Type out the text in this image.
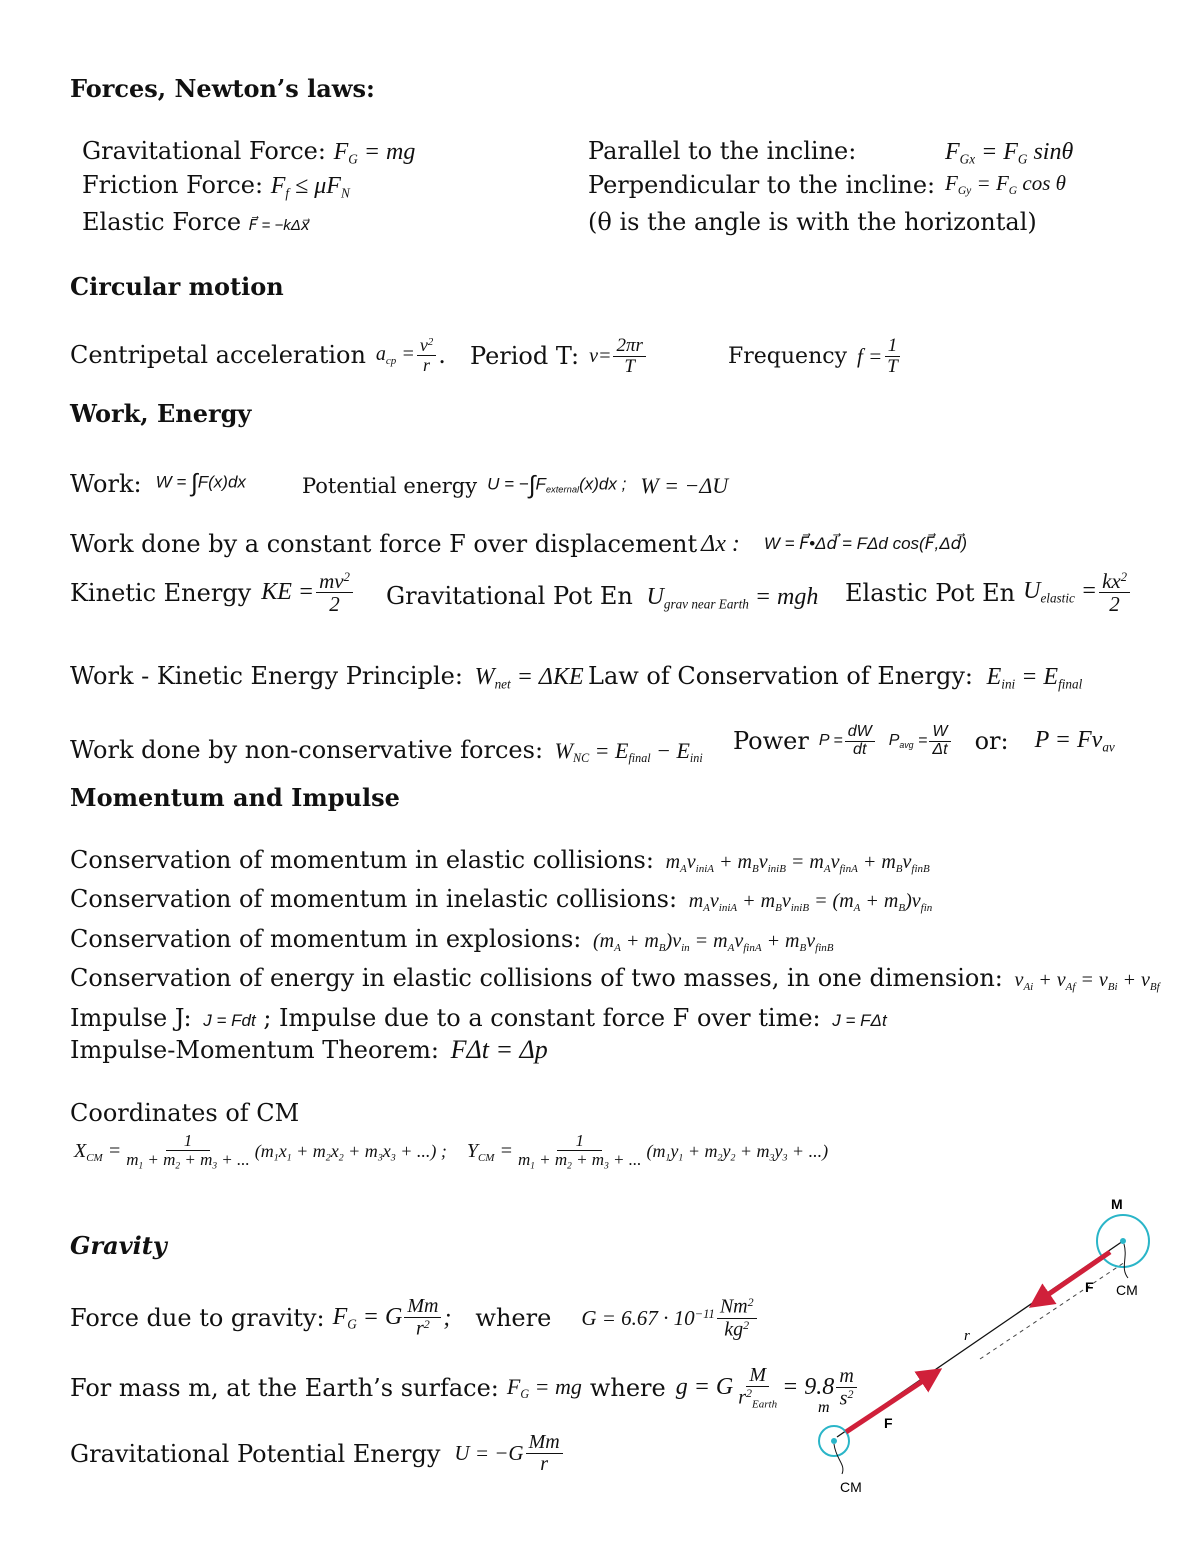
Forces, Newton’s laws:
Gravitational Force: $F_G$ = mg
Friction Force: $F_f \le \mu F_N$
Elastic Force F⃗ = −kΔx⃗
Parallel to the incline:	$F_{Gx} = F_G$ sinθ
Perpendicular to the incline: $F_{Gy} = F_G$ cos θ
(θ is the angle is with the horizontal)
Circular motion
Centripetal acceleration $a_{cp} = \frac{v^2}{r}$ . Period T: $v= \frac{2\pi r}{T}$	Frequency $f = \frac{1}{T}$
Work, Energy
Work: W = ∫F(x)dx	Potential energy $U = -\int F_{external}(x)dx$ ; W = −ΔU
Work done by a constant force F over displacement Δx : W = F⃗•Δd⃗ = FΔd cos(F⃗,Δd⃗)
Kinetic Energy KE = $\frac{mv^2}{2}$ Gravitational Pot En $U_{grav near Earth}$ = mgh Elastic Pot En $U_{elastic} = \frac{kx^2}{2}$
Work - Kinetic Energy Principle: $W_{net} = \Delta KE$ Law of Conservation of Energy: $E_{ini} = E_{final}$
Work done by non-conservative forces: $W_{NC} = E_{final} - E_{ini}$
Power $P = \frac{dW}{dt} P_{avg} = \frac{W}{\Delta t}$ or: $P = Fv_{av}$
Momentum and Impulse
Conservation of momentum in elastic collisions: $m_Av_{iniA} + m_Bv_{iniB} = m_Av_{finA} + m_Bv_{finB}$
Conservation of momentum in inelastic collisions: $m_Av_{iniA} + m_Bv_{iniB} = (m_A + m_B)v_{fin}$
Conservation of momentum in explosions: $(m_A + m_B)v_{in} = m_Av_{finA} + m_Bv_{finB}$
Conservation of energy in elastic collisions of two masses, in one dimension: $v_{Ai} + v_{Af} = v_{Bi} + v_{Bf}$
Impulse J: J = Fdt ; Impulse due to a constant force F over time: J = FΔt
Impulse-Momentum Theorem: FΔt = Δp
Coordinates of CM
$X_{CM} = \frac{1}{m_1 + m_2 + m_3 + ...} (m_1x_1 + m_2x_2 + m_3x_3$ + ...) ; $Y_{CM} = \frac{1}{m_1 + m_2 + m_3 + ...} (m_1y_1 + m_2y_2 + m_3y_3$ + ...)
Gravity
Force due to gravity: $F_G = G \frac{Mm}{r^2}$ ; where $G = 6.67 \cdot 10^{-11} \frac{Nm^2}{kg^2}$
For mass m, at the Earth’s surface: $F_G$ = mg where g = G $\frac{M}{r^2_{Earth}} = 9.8 \frac{m}{s^2}$
Gravitational Potential Energy $U = -G \frac{Mm}{r}$
M
CM
F
r
m
F
CM
